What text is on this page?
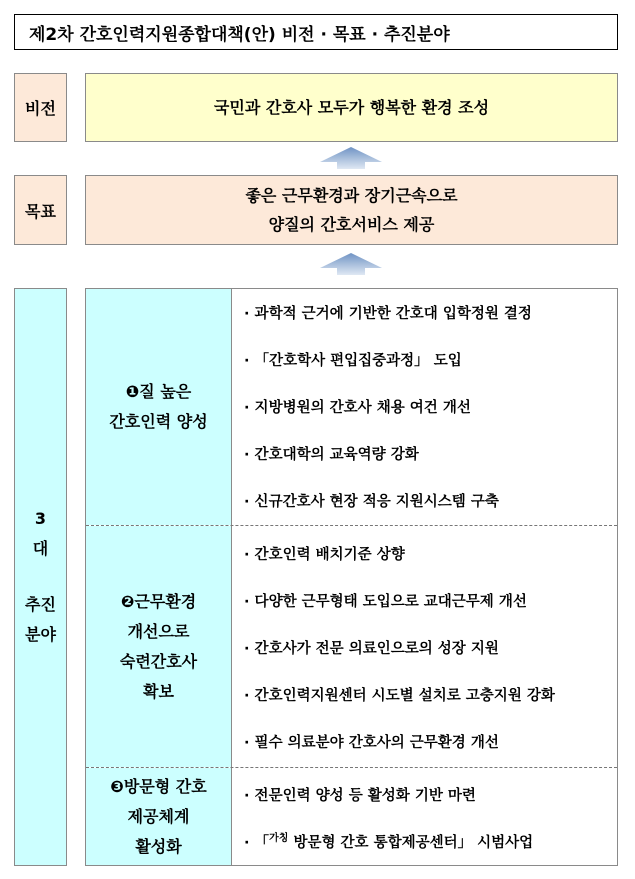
제2차 간호인력지원종합대책(안) 비전 · 목표 · 추진분야
비전	국민과 간호사 모두가 행복한 환경 조성
목표
좋은 근무환경과 장기근속으로
양질의 간호서비스 제공
3
대
추진
분야
❶질 높은
간호인력 양성
· 과학적 근거에 기반한 간호대 입학정원 결정
· 「간호학사 편입집중과정」 도입
· 지방병원의 간호사 채용 여건 개선
· 간호대학의 교육역량 강화
· 신규간호사 현장 적응 지원시스템 구축
❷근무환경
개선으로
숙련간호사
확보
· 간호인력 배치기준 상향
· 다양한 근무형태 도입으로 교대근무제 개선
· 간호사가 전문 의료인으로의 성장 지원
· 간호인력지원센터 시도별 설치로 고충지원 강화
· 필수 의료분야 간호사의 근무환경 개선
❸방문형 간호
제공체계
활성화
· 전문인력 양성 등 활성화 기반 마련
· 「$^{가칭}$ 방문형 간호 통합제공센터」 시범사업
